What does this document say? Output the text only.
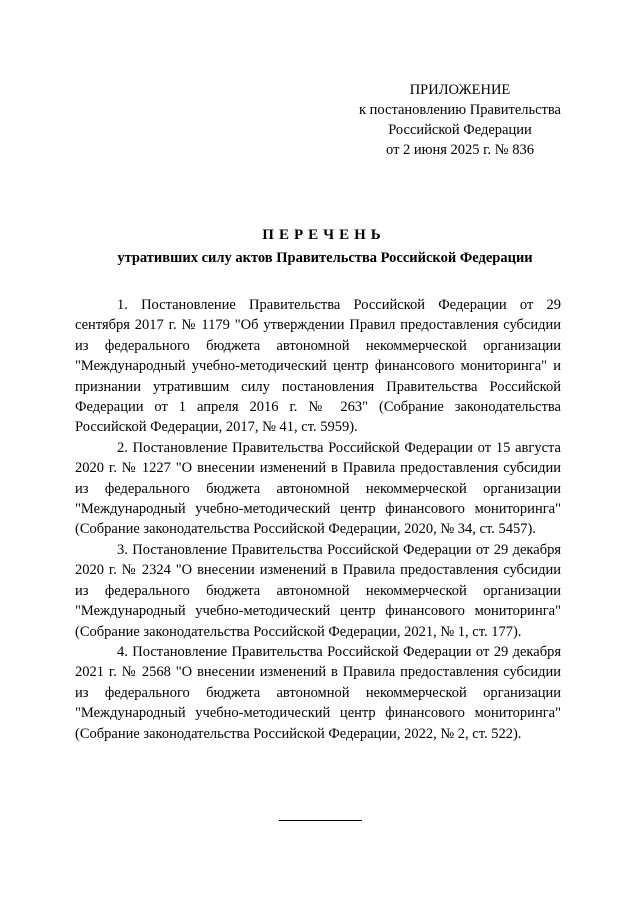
ПРИЛОЖЕНИЕ
к постановлению Правительства
Российской Федерации
от 2 июня 2025 г. № 836
ПЕРЕЧЕНЬ
утративших силу актов Правительства Российской Федерации

1. Постановление Правительства Российской Федерации от 29 сентября 2017 г. № 1179 "Об утверждении Правил предоставления субсидии из федерального бюджета автономной некоммерческой организации "Международный учебно-методический центр финансового мониторинга" и признании утратившим силу постановления Правительства Российской Федерации от 1 апреля 2016 г. № 263" (Собрание законодательства Российской Федерации, 2017, № 41, ст. 5959).

2. Постановление Правительства Российской Федерации от 15 августа 2020 г. № 1227 "О внесении изменений в Правила предоставления субсидии из федерального бюджета автономной некоммерческой организации "Международный учебно-методический центр финансового мониторинга" (Собрание законодательства Российской Федерации, 2020, № 34, ст. 5457).

3. Постановление Правительства Российской Федерации от 29 декабря 2020 г. № 2324 "О внесении изменений в Правила предоставления субсидии из федерального бюджета автономной некоммерческой организации "Международный учебно-методический центр финансового мониторинга" (Собрание законодательства Российской Федерации, 2021, № 1, ст. 177).

4. Постановление Правительства Российской Федерации от 29 декабря 2021 г. № 2568 "О внесении изменений в Правила предоставления субсидии из федерального бюджета автономной некоммерческой организации "Международный учебно-методический центр финансового мониторинга" (Собрание законодательства Российской Федерации, 2022, № 2, ст. 522).
